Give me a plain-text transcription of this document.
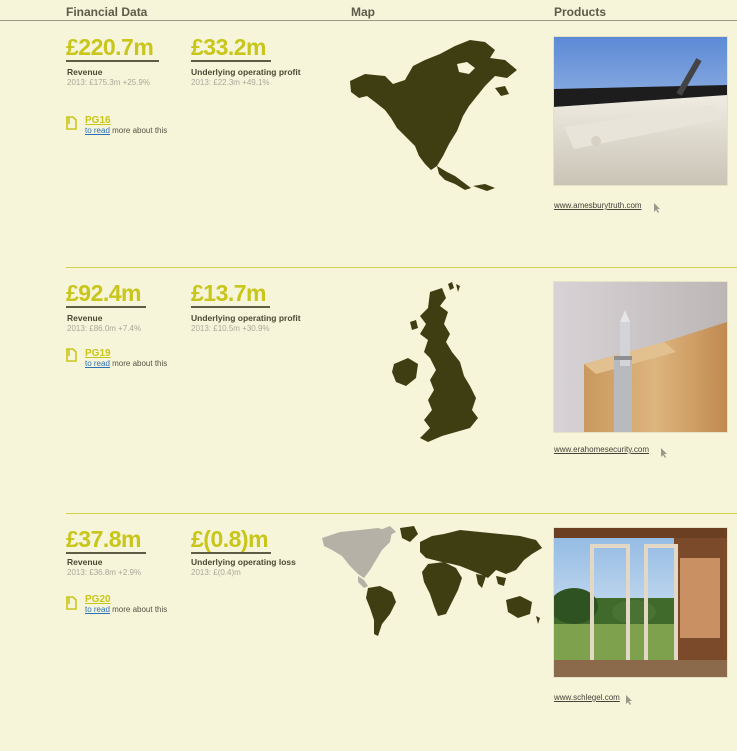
Financial Data	Map	Products
£220.7m
Revenue
2013: £175.3m +25.9%
£33.2m
Underlying operating profit
2013: £22.3m +49.1%
PG16
to read more about this
www.amesburytruth.com
£92.4m
Revenue
2013: £86.0m +7.4%
£13.7m
Underlying operating profit
2013: £10.5m +30.9%
PG19
to read more about this
www.erahomesecurity.com
£37.8m
Revenue
2013: £36.8m +2.9%
£(0.8)m
Underlying operating loss
2013: £(0.4)m
PG20
to read more about this
www.schlegel.com
